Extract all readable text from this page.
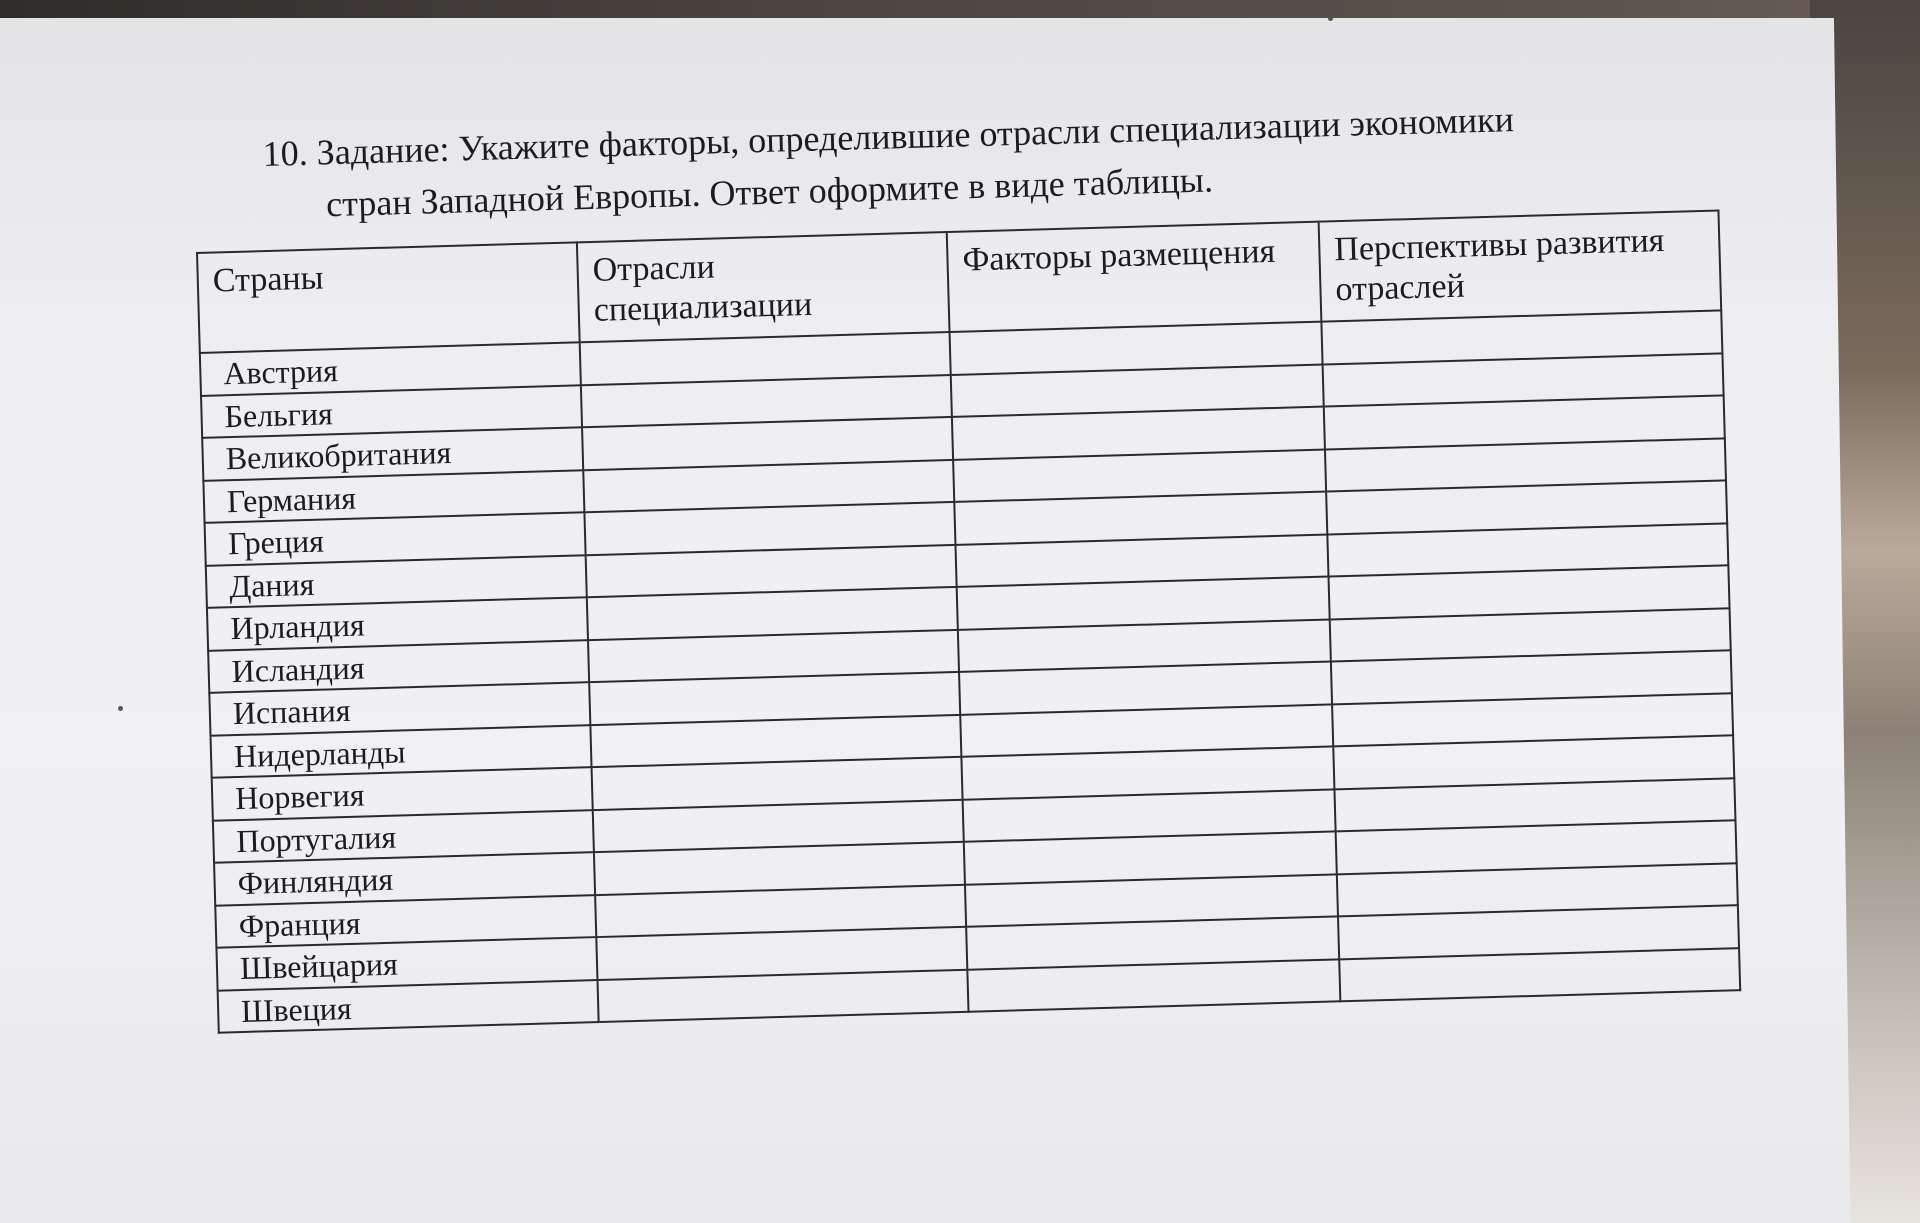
10. Задание: Укажите факторы, определившие отрасли специализации экономики
стран Западной Европы. Ответ оформите в виде таблицы.
Страны	Отрасли специализации	Факторы размещения	Перспективы развития отраслей
Австрия			
Бельгия			
Великобритания			
Германия			
Греция			
Дания			
Ирландия			
Исландия			
Испания			
Нидерланды			
Норвегия			
Португалия			
Финляндия			
Франция			
Швейцария			
Швеция			
